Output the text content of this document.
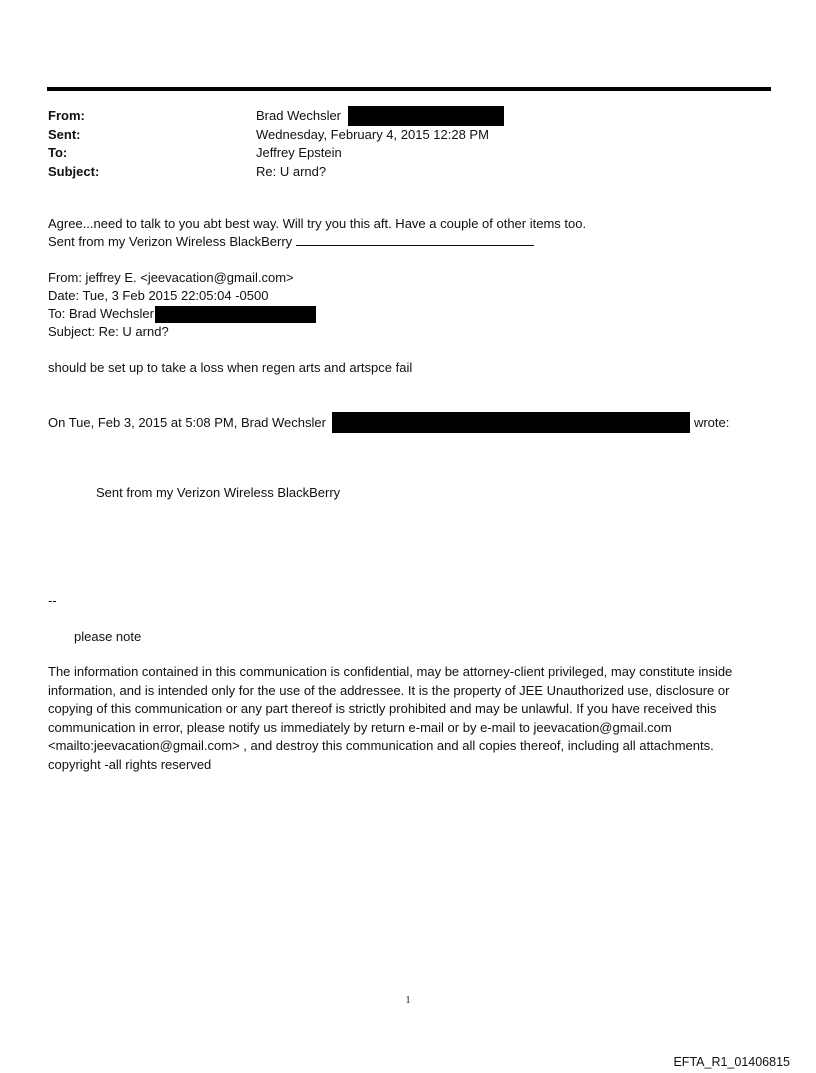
From:	Brad Wechsler
Sent:	Wednesday, February 4, 2015 12:28 PM
To:	Jeffrey Epstein
Subject:	Re: U arnd?
Agree...need to talk to you abt best way. Will try you this aft. Have a couple of other items too.
Sent from my Verizon Wireless BlackBerry
From: jeffrey E. <jeevacation@gmail.com>
Date: Tue, 3 Feb 2015 22:05:04 -0500
To: Brad Wechsler
Subject: Re: U arnd?
should be set up to take a loss when regen arts and artspce fail
On Tue, Feb 3, 2015 at 5:08 PM, Brad Wechsler	wrote:
Sent from my Verizon Wireless BlackBerry
--
please note
The information contained in this communication is confidential, may be attorney-client privileged, may constitute inside information, and is intended only for the use of the addressee. It is the property of JEE Unauthorized use, disclosure or copying of this communication or any part thereof is strictly prohibited and may be unlawful. If you have received this communication in error, please notify us immediately by return e-mail or by e-mail to jeevacation@gmail.com <mailto:jeevacation@gmail.com> , and destroy this communication and all copies thereof, including all attachments. copyright -all rights reserved
1
EFTA_R1_01406815
